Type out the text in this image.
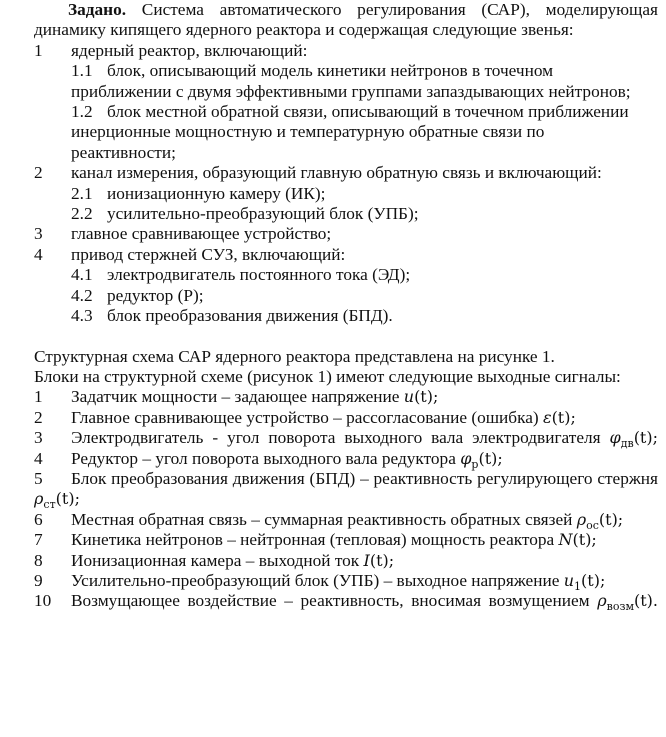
Задано. Система автоматического регулирования (САР), моделирующая динамику кипящего ядерного реактора и содержащая следующие звенья:

1 ядерный реактор, включающий:

1.1 блок, описывающий модель кинетики нейтронов в точечном приближении с двумя эффективными группами запаздывающих нейтронов;

1.2 блок местной обратной связи, описывающий в точечном приближении инерционные мощностную и температурную обратные связи по реактивности;

2 канал измерения, образующий главную обратную связь и включающий:

2.1 ионизационную камеру (ИК);

2.2 усилительно-преобразующий блок (УПБ);

3 главное сравнивающее устройство;

4 привод стержней СУЗ, включающий:

4.1 электродвигатель постоянного тока (ЭД);

4.2 редуктор (Р);

4.3 блок преобразования движения (БПД).

Структурная схема САР ядерного реактора представлена на рисунке 1.

Блоки на структурной схеме (рисунок 1) имеют следующие выходные сигналы:

1 Задатчик мощности – задающее напряжение u(t);

2 Главное сравнивающее устройство – рассогласование (ошибка) ε(t);

3 Электродвигатель - угол поворота выходного вала электродвигателя $\varphi_{дв}(t)$;

4 Редуктор – угол поворота выходного вала редуктора $\varphi_р(t)$;

5 Блок преобразования движения (БПД) – реактивность регулирующего стержня $\rho_{ст}(t)$;

6 Местная обратная связь – суммарная реактивность обратных связей $\rho_{ос}(t)$;

7 Кинетика нейтронов – нейтронная (тепловая) мощность реактора N(t);

8 Ионизационная камера – выходной ток I(t);

9 Усилительно-преобразующий блок (УПБ) – выходное напряжение $u_1(t)$;

10 Возмущающее воздействие – реактивность, вносимая возмущением $\rho_{возм}(t)$.
